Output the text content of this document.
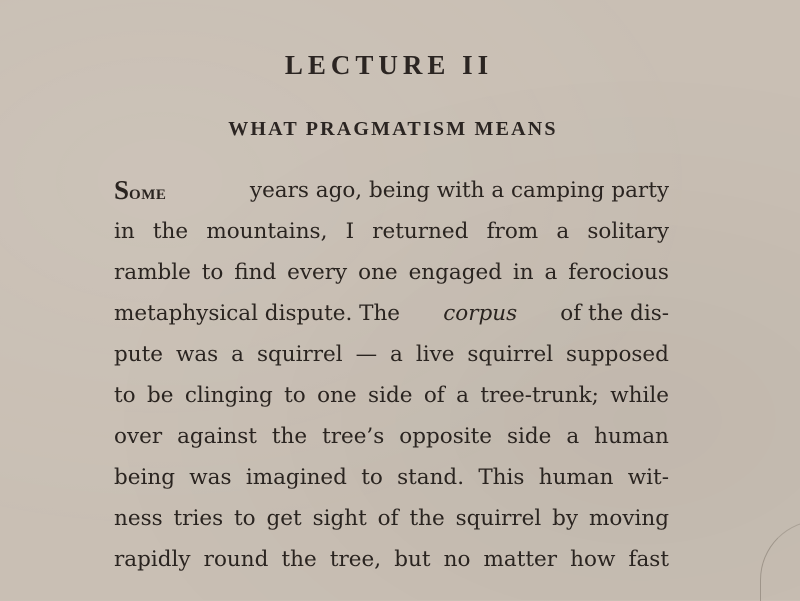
LECTURE II
WHAT PRAGMATISM MEANS
Some	years ago, being with a camping party
in the mountains, I returned from a solitary
ramble to find every one engaged in a ferocious
metaphysical dispute. The corpus of the dis-
pute was a squirrel — a live squirrel supposed
to be clinging to one side of a tree-trunk; while
over against the tree’s opposite side a human
being was imagined to stand. This human wit-
ness tries to get sight of the squirrel by moving
rapidly round the tree, but no matter how fast
